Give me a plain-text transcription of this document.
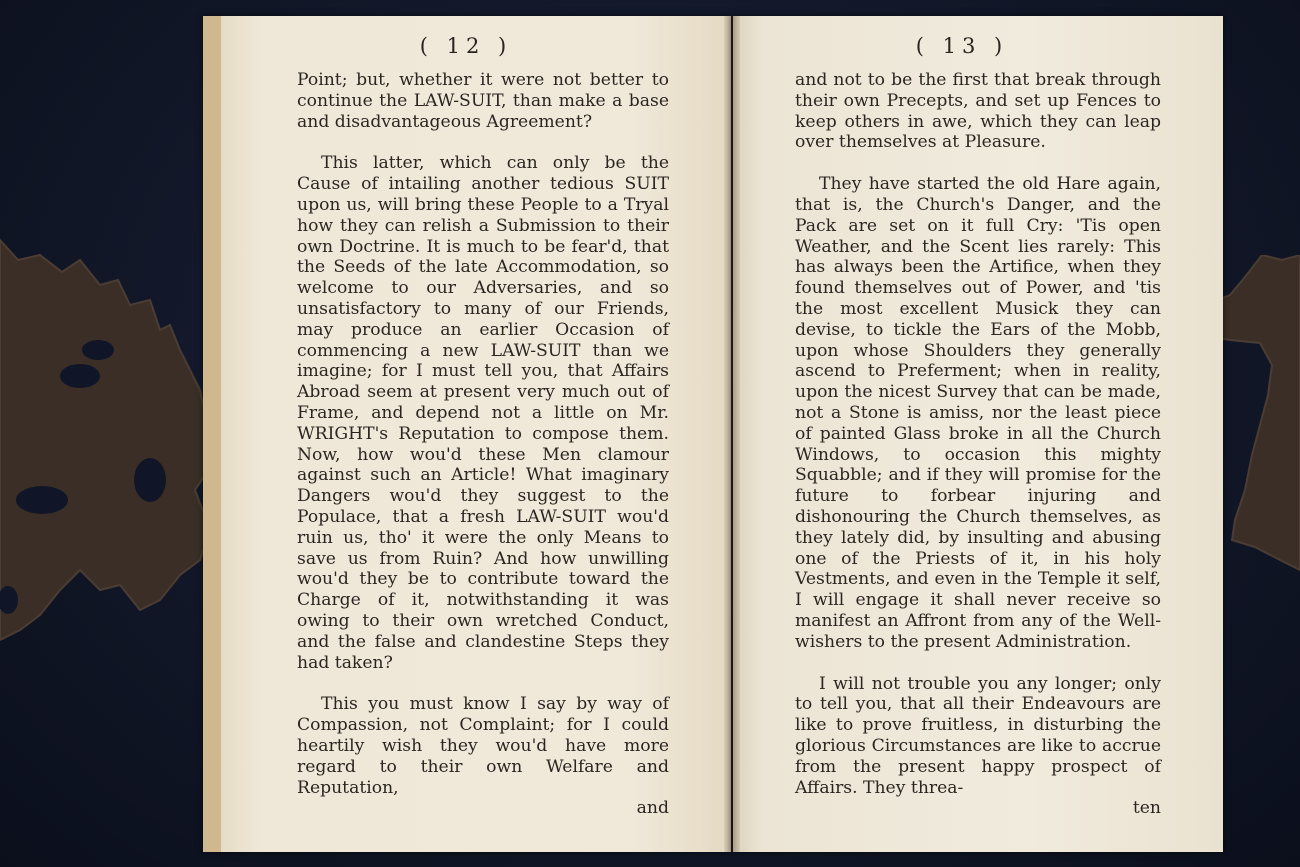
( 12 )

Point; but, whether it were not better to continue the LAW-SUIT, than make a base and disadvantageous Agreement?

This latter, which can only be the Cause of intailing another tedious SUIT upon us, will bring these People to a Tryal how they can relish a Submission to their own Doctrine. It is much to be fear'd, that the Seeds of the late Accommodation, so welcome to our Adversaries, and so unsatisfactory to many of our Friends, may produce an earlier Occasion of commencing a new LAW-SUIT than we imagine; for I must tell you, that Affairs Abroad seem at present very much out of Frame, and depend not a little on Mr. WRIGHT's Reputation to compose them. Now, how wou'd these Men clamour against such an Article! What imaginary Dangers wou'd they suggest to the Populace, that a fresh LAW-SUIT wou'd ruin us, tho' it were the only Means to save us from Ruin? And how unwilling wou'd they be to contribute toward the Charge of it, notwithstanding it was owing to their own wretched Conduct, and the false and clandestine Steps they had taken?

This you must know I say by way of Compassion, not Complaint; for I could heartily wish they wou'd have more regard to their own Welfare and Reputation,

and

( 13 )

and not to be the first that break through their own Precepts, and set up Fences to keep others in awe, which they can leap over themselves at Pleasure.

They have started the old Hare again, that is, the Church's Danger, and the Pack are set on it full Cry: 'Tis open Weather, and the Scent lies rarely: This has always been the Artifice, when they found themselves out of Power, and 'tis the most excellent Musick they can devise, to tickle the Ears of the Mobb, upon whose Shoulders they generally ascend to Preferment; when in reality, upon the nicest Survey that can be made, not a Stone is amiss, nor the least piece of painted Glass broke in all the Church Windows, to occasion this mighty Squabble; and if they will promise for the future to forbear injuring and dishonouring the Church themselves, as they lately did, by insulting and abusing one of the Priests of it, in his holy Vestments, and even in the Temple it self, I will engage it shall never receive so manifest an Affront from any of the Well-wishers to the present Administration.

I will not trouble you any longer; only to tell you, that all their Endeavours are like to prove fruitless, in disturbing the glorious Circumstances are like to accrue from the present happy prospect of Affairs. They threa-

ten
